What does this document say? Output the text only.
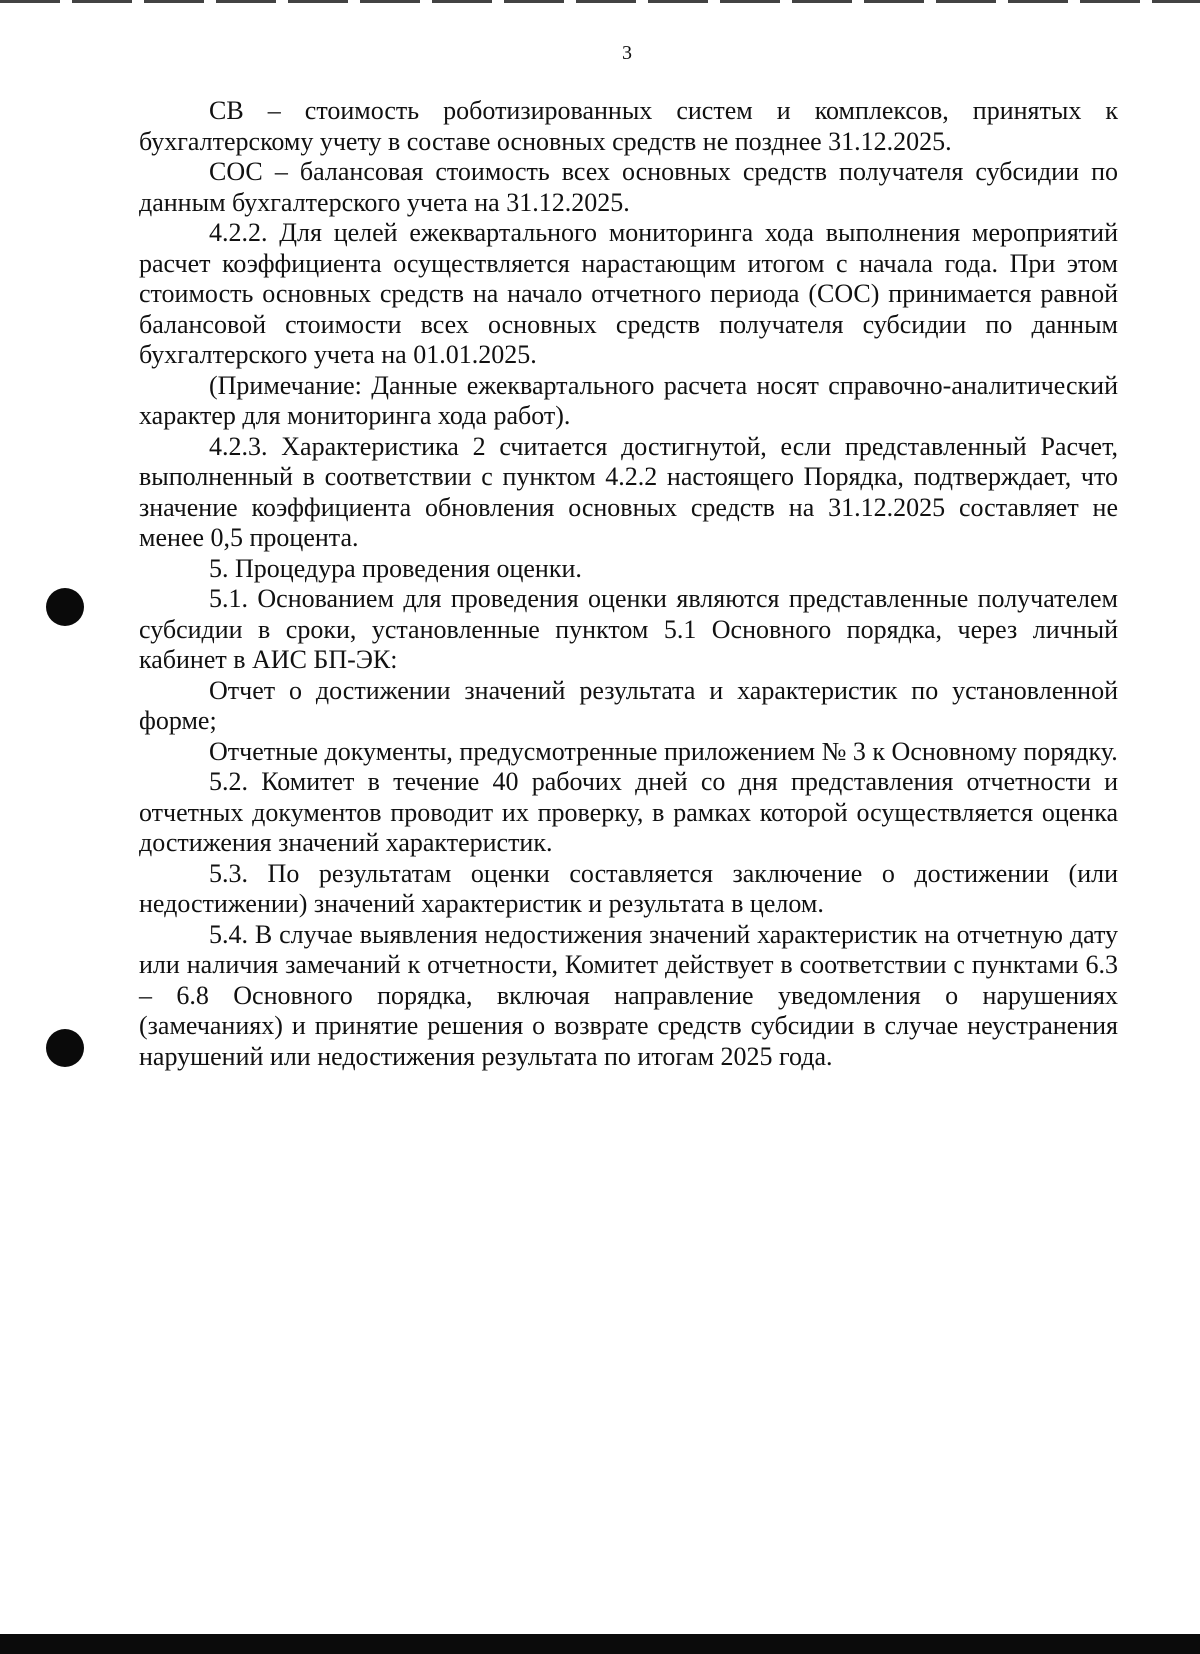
3

СВ – стоимость роботизированных систем и комплексов, принятых к бухгалтерскому учету в составе основных средств не позднее 31.12.2025.

СОС – балансовая стоимость всех основных средств получателя субсидии по данным бухгалтерского учета на 31.12.2025.

4.2.2. Для целей ежеквартального мониторинга хода выполнения мероприятий расчет коэффициента осуществляется нарастающим итогом с начала года. При этом стоимость основных средств на начало отчетного периода (СОС) принимается равной балансовой стоимости всех основных средств получателя субсидии по данным бухгалтерского учета на 01.01.2025.

(Примечание: Данные ежеквартального расчета носят справочно-аналитический характер для мониторинга хода работ).

4.2.3. Характеристика 2 считается достигнутой, если представленный Расчет, выполненный в соответствии с пунктом 4.2.2 настоящего Порядка, подтверждает, что значение коэффициента обновления основных средств на 31.12.2025 составляет не менее 0,5 процента.

5. Процедура проведения оценки.

5.1. Основанием для проведения оценки являются представленные получателем субсидии в сроки, установленные пунктом 5.1 Основного порядка, через личный кабинет в АИС БП-ЭК:

Отчет о достижении значений результата и характеристик по установленной форме;

Отчетные документы, предусмотренные приложением № 3 к Основному порядку.

5.2. Комитет в течение 40 рабочих дней со дня представления отчетности и отчетных документов проводит их проверку, в рамках которой осуществляется оценка достижения значений характеристик.

5.3. По результатам оценки составляется заключение о достижении (или недостижении) значений характеристик и результата в целом.

5.4. В случае выявления недостижения значений характеристик на отчетную дату или наличия замечаний к отчетности, Комитет действует в соответствии с пунктами 6.3 – 6.8 Основного порядка, включая направление уведомления о нарушениях (замечаниях) и принятие решения о возврате средств субсидии в случае неустранения нарушений или недостижения результата по итогам 2025 года.
